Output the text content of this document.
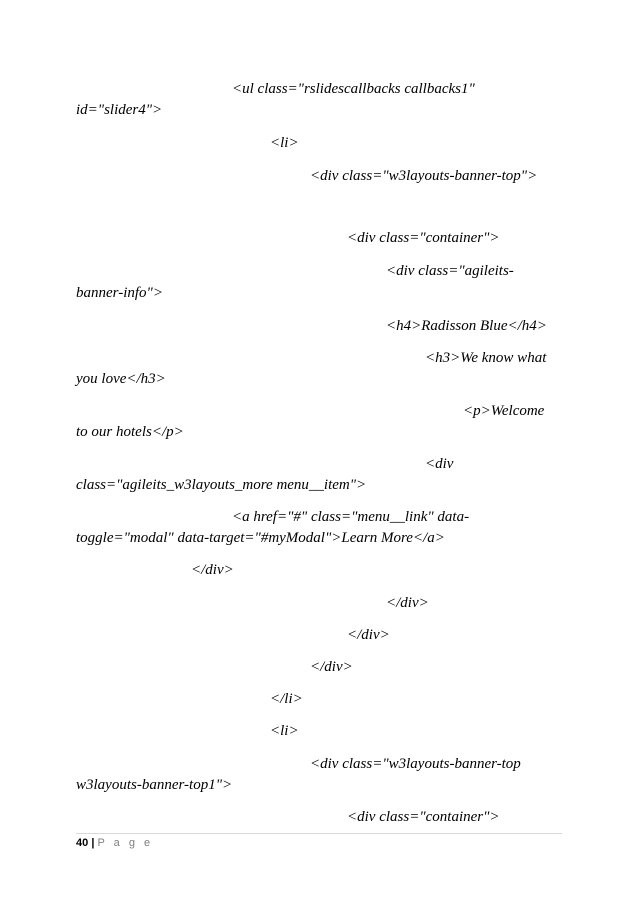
<ul class="rslidescallbacks callbacks1"
id="slider4">
<li>
<div class="w3layouts-banner-top">
<div class="container">
<div class="agileits-
banner-info">
<h4>Radisson Blue</h4>
<h3>We know what
you love</h3>
<p>Welcome
to our hotels</p>
<div
class="agileits_w3layouts_more menu__item">
<a href="#" class="menu__link" data-
toggle="modal" data-target="#myModal">Learn More</a>
</div>
</div>
</div>
</div>
</li>
<li>
<div class="w3layouts-banner-top
w3layouts-banner-top1">
<div class="container">
40 | P a g e
